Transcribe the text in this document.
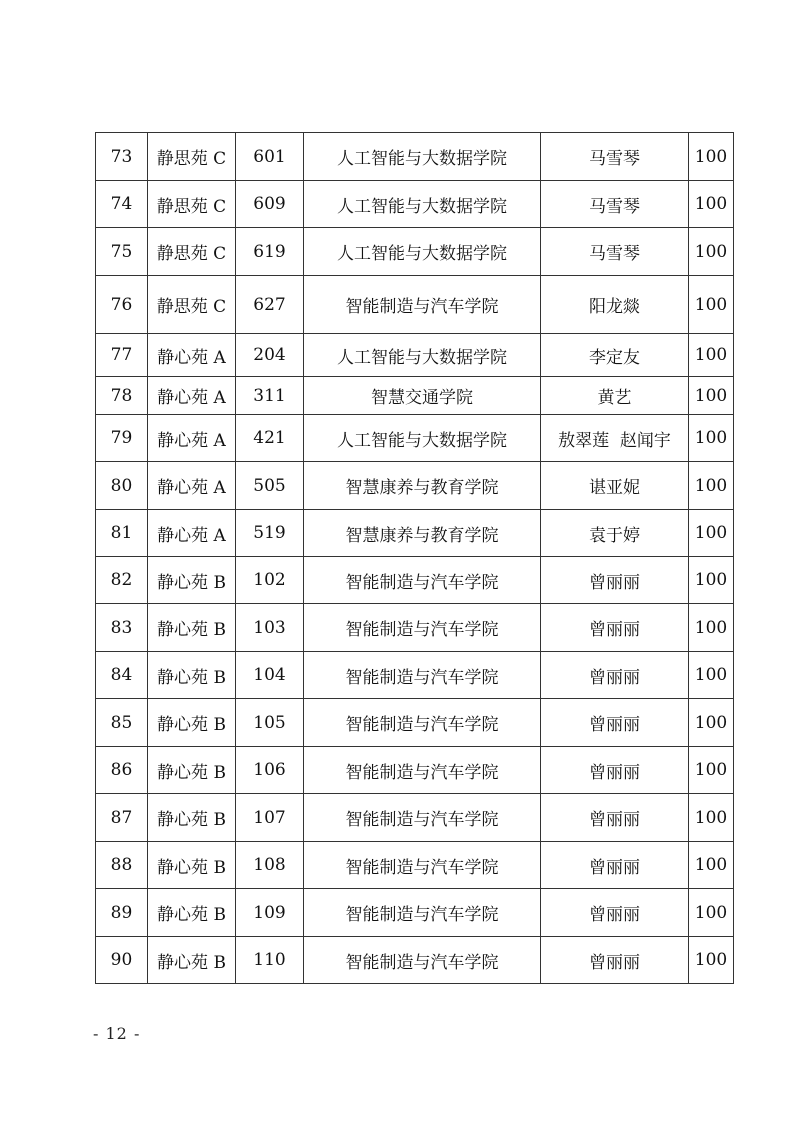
73	静思苑 C	601	人工智能与大数据学院	马雪琴	100
74	静思苑 C	609	人工智能与大数据学院	马雪琴	100
75	静思苑 C	619	人工智能与大数据学院	马雪琴	100
76	静思苑 C	627	智能制造与汽车学院	阳龙燚	100
77	静心苑 A	204	人工智能与大数据学院	李定友	100
78	静心苑 A	311	智慧交通学院	黄艺	100
79	静心苑 A	421	人工智能与大数据学院	敖翠莲  赵闻宇	100
80	静心苑 A	505	智慧康养与教育学院	谌亚妮	100
81	静心苑 A	519	智慧康养与教育学院	袁于婷	100
82	静心苑 B	102	智能制造与汽车学院	曾丽丽	100
83	静心苑 B	103	智能制造与汽车学院	曾丽丽	100
84	静心苑 B	104	智能制造与汽车学院	曾丽丽	100
85	静心苑 B	105	智能制造与汽车学院	曾丽丽	100
86	静心苑 B	106	智能制造与汽车学院	曾丽丽	100
87	静心苑 B	107	智能制造与汽车学院	曾丽丽	100
88	静心苑 B	108	智能制造与汽车学院	曾丽丽	100
89	静心苑 B	109	智能制造与汽车学院	曾丽丽	100
90	静心苑 B	110	智能制造与汽车学院	曾丽丽	100
- 12 -
